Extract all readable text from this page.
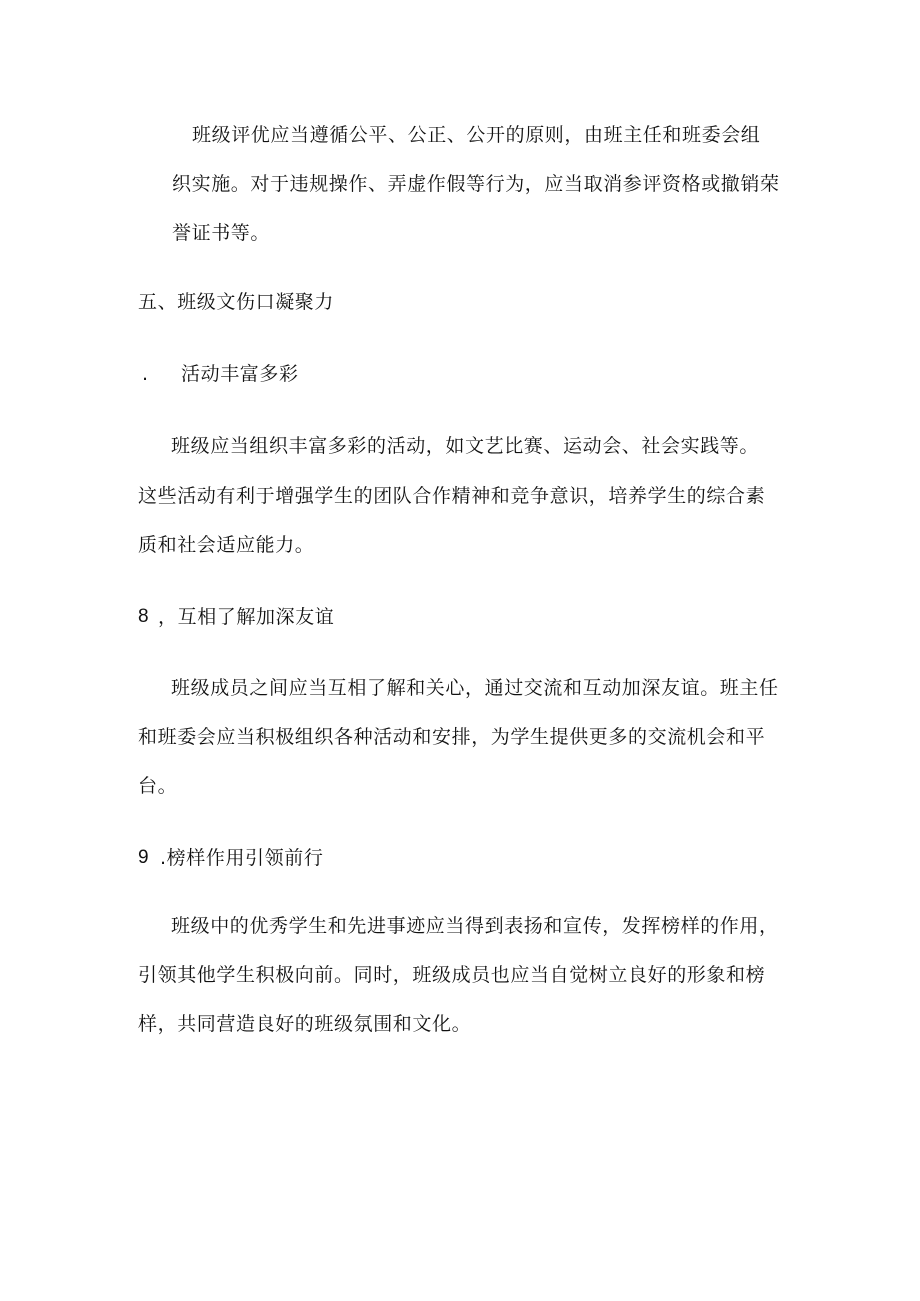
班级评优应当遵循公平、公正、公开的原则，由班主任和班委会组
织实施。对于违规操作、弄虚作假等行为，应当取消参评资格或撤销荣
誉证书等。
五、班级文伤口凝聚力
. 活动丰富多彩
班级应当组织丰富多彩的活动，如文艺比赛、运动会、社会实践等。
这些活动有利于增强学生的团队合作精神和竞争意识，培养学生的综合素
质和社会适应能力。
8 ，互相了解加深友谊
班级成员之间应当互相了解和关心，通过交流和互动加深友谊。班主任
和班委会应当积极组织各种活动和安排，为学生提供更多的交流机会和平
台。
9 .榜样作用引领前行
班级中的优秀学生和先进事迹应当得到表扬和宣传，发挥榜样的作用，
引领其他学生积极向前。同时，班级成员也应当自觉树立良好的形象和榜
样，共同营造良好的班级氛围和文化。
